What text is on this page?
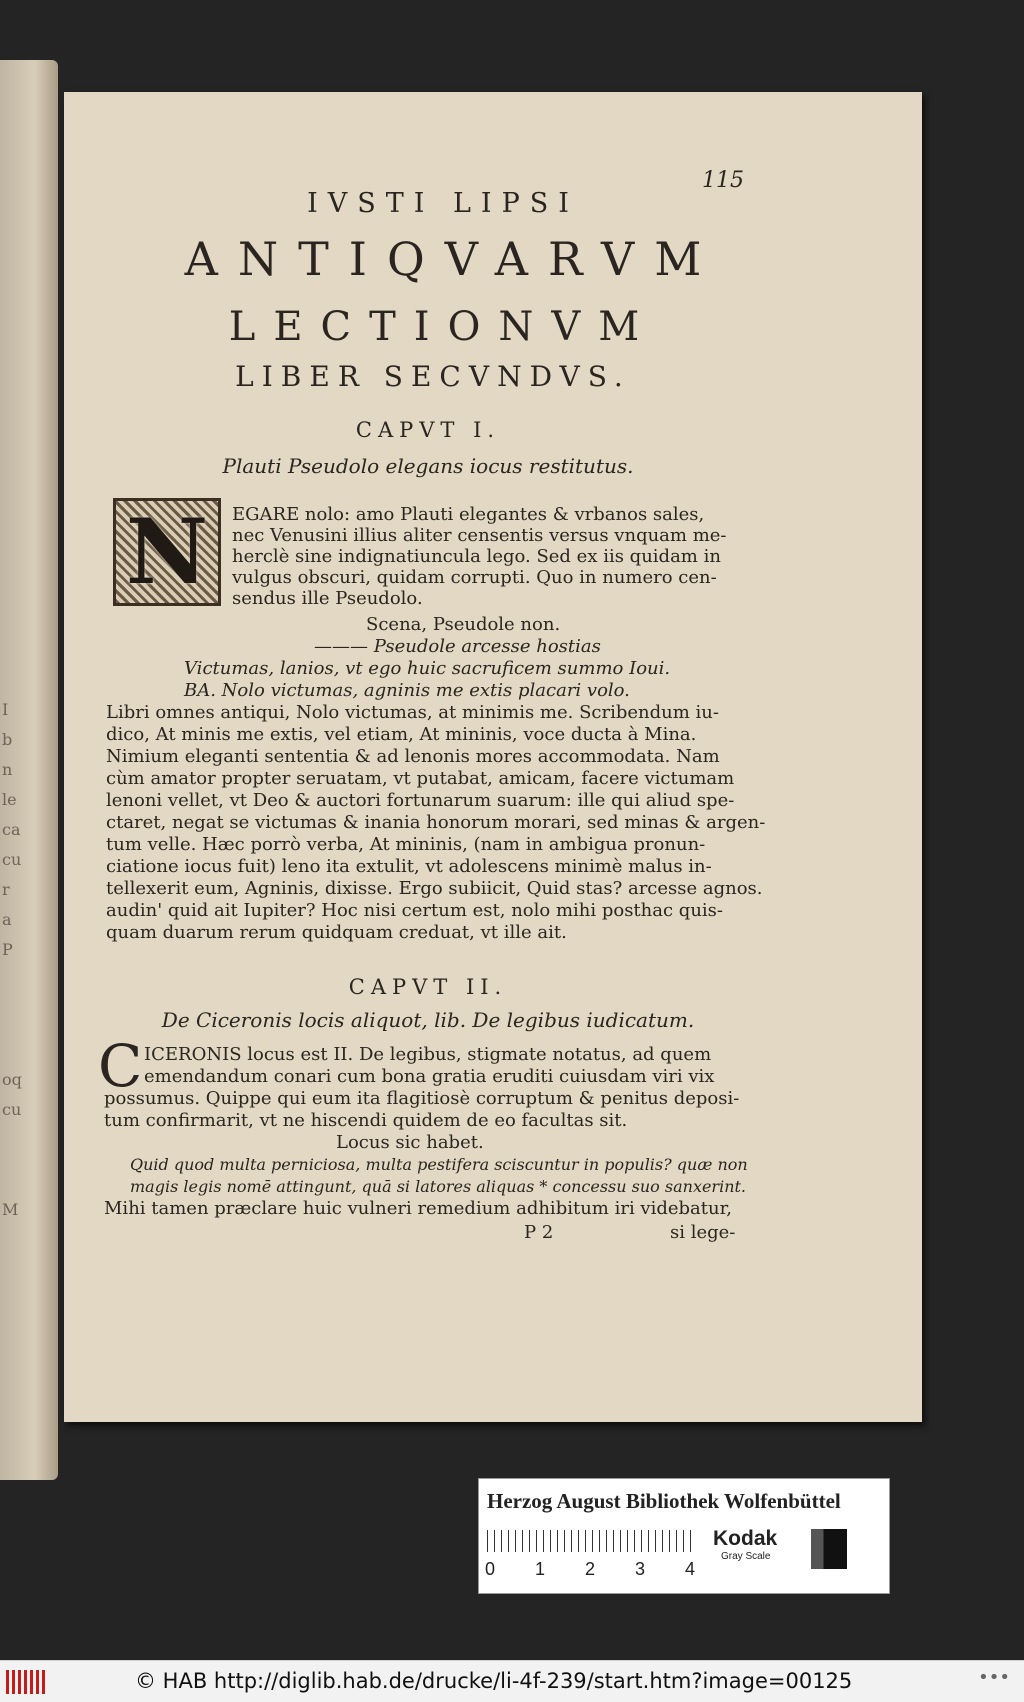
I
b
n
le
ca
cu
r
a
P
oq
cu
M
115
IVSTI LIPSI
ANTIQVARVM
LECTIONVM
LIBER SECVNDVS.
CAPVT I.
Plauti Pseudolo elegans iocus restitutus.
N	EGARE nolo: amo Plauti elegantes & vrbanos sales,
nec Venusini illius aliter censentis versus vnquam me-
herclè sine indignatiuncula lego. Sed ex iis quidam in
vulgus obscuri, quidam corrupti. Quo in numero cen-
sendus ille Pseudolo.
Scena, Pseudole non.
——— Pseudole arcesse hostias
Victumas, lanios, vt ego huic sacruficem summo Ioui.
BA. Nolo victumas, agninis me extis placari volo.
Libri omnes antiqui, Nolo victumas, at minimis me. Scribendum iu-
dico, At minis me extis, vel etiam, At mininis, voce ducta à Mina.
Nimium eleganti sententia & ad lenonis mores accommodata. Nam
cùm amator propter seruatam, vt putabat, amicam, facere victumam
lenoni vellet, vt Deo & auctori fortunarum suarum: ille qui aliud spe-
ctaret, negat se victumas & inania honorum morari, sed minas & argen-
tum velle. Hæc porrò verba, At mininis, (nam in ambigua pronun-
ciatione iocus fuit) leno ita extulit, vt adolescens minimè malus in-
tellexerit eum, Agninis, dixisse. Ergo subiicit, Quid stas? arcesse agnos.
audin' quid ait Iupiter? Hoc nisi certum est, nolo mihi posthac quis-
quam duarum rerum quidquam creduat, vt ille ait.
CAPVT II.
De Ciceronis locis aliquot, lib. De legibus iudicatum.
C ICERONIS locus est II. De legibus, stigmate notatus, ad quem
emendandum conari cum bona gratia eruditi cuiusdam viri vix
possumus. Quippe qui eum ita flagitiosè corruptum & penitus deposi-
tum confirmarit, vt ne hiscendi quidem de eo facultas sit.
Locus sic habet.
Quid quod multa perniciosa, multa pestifera sciscuntur in populis? quæ non
magis legis nomē attingunt, quā si latores aliquas * concessu suo sanxerint.
Mihi tamen præclare huic vulneri remedium adhibitum iri videbatur,
P 2	si lege-
Herzog August Bibliothek Wolfenbüttel
0 1 2 3 4
Kodak
Gray Scale
© HAB http://diglib.hab.de/drucke/li-4f-239/start.htm?image=00125	•••
